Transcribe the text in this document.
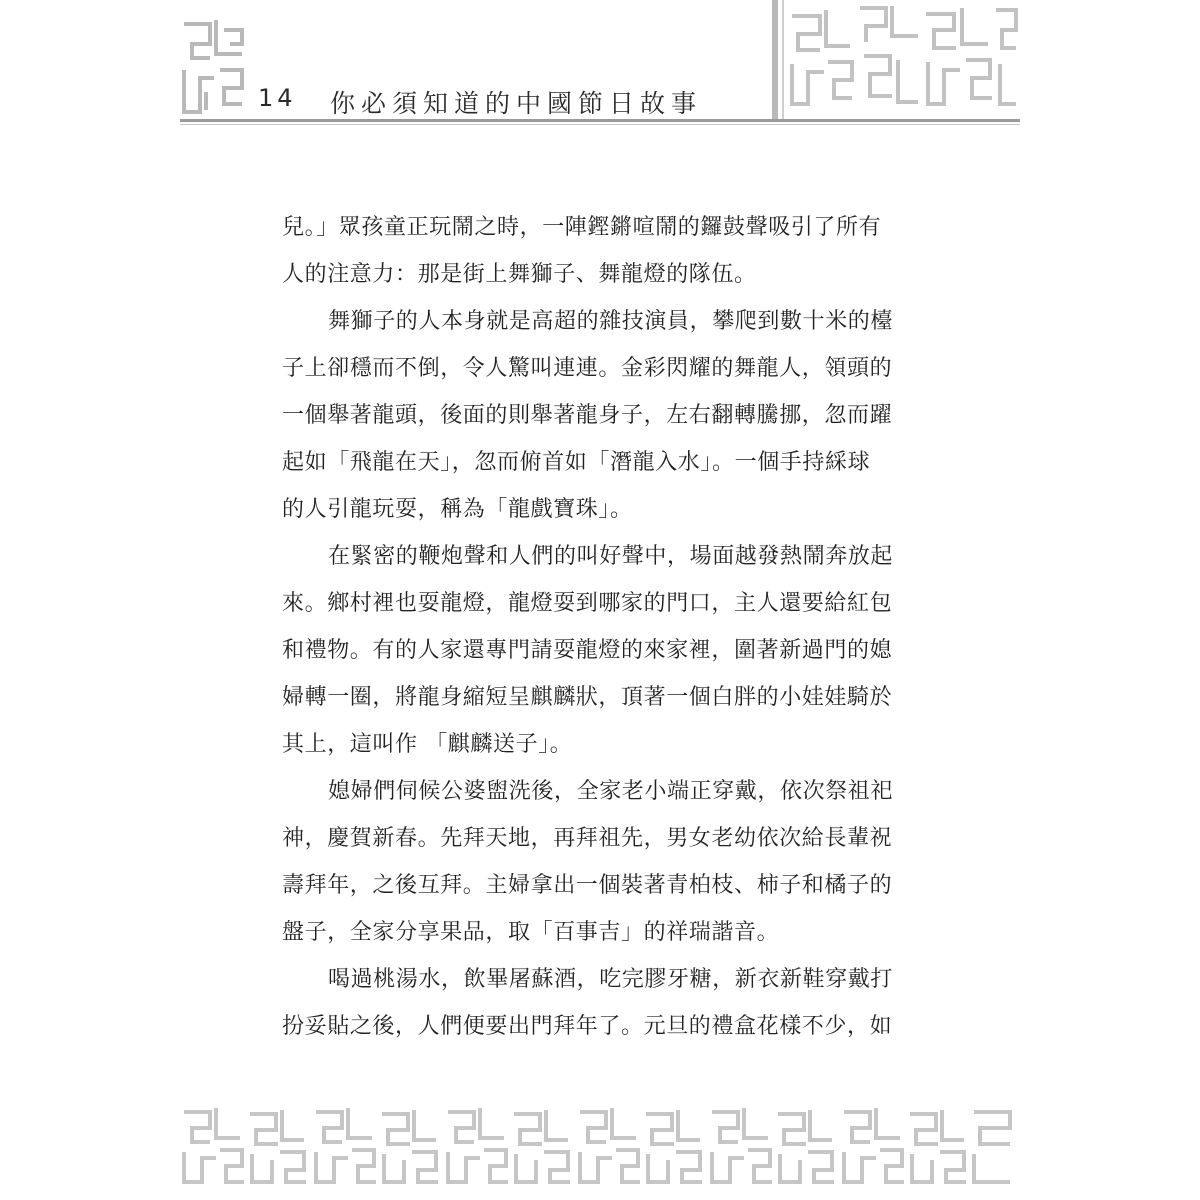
14 你必須知道的中國節日故事
兒。」眾孩童正玩鬧之時，一陣鏗鏘喧鬧的鑼鼓聲吸引了所有
人的注意力：那是街上舞獅子、舞龍燈的隊伍。
舞獅子的人本身就是高超的雜技演員，攀爬到數十米的檯
子上卻穩而不倒，令人驚叫連連。金彩閃耀的舞龍人，領頭的
一個舉著龍頭，後面的則舉著龍身子，左右翻轉騰挪，忽而躍
起如「飛龍在天」，忽而俯首如「潛龍入水」。一個手持綵球
的人引龍玩耍，稱為「龍戲寶珠」。
在緊密的鞭炮聲和人們的叫好聲中，場面越發熱鬧奔放起
來。鄉村裡也耍龍燈，龍燈耍到哪家的門口，主人還要給紅包
和禮物。有的人家還專門請耍龍燈的來家裡，圍著新過門的媳
婦轉一圈，將龍身縮短呈麒麟狀，頂著一個白胖的小娃娃騎於
其上，這叫作 「麒麟送子」。
媳婦們伺候公婆盥洗後，全家老小端正穿戴，依次祭祖祀
神，慶賀新春。先拜天地，再拜祖先，男女老幼依次給長輩祝
壽拜年，之後互拜。主婦拿出一個裝著青柏枝、柿子和橘子的
盤子，全家分享果品，取「百事吉」的祥瑞諧音。
喝過桃湯水，飲畢屠蘇酒，吃完膠牙糖，新衣新鞋穿戴打
扮妥貼之後，人們便要出門拜年了。元旦的禮盒花樣不少，如
